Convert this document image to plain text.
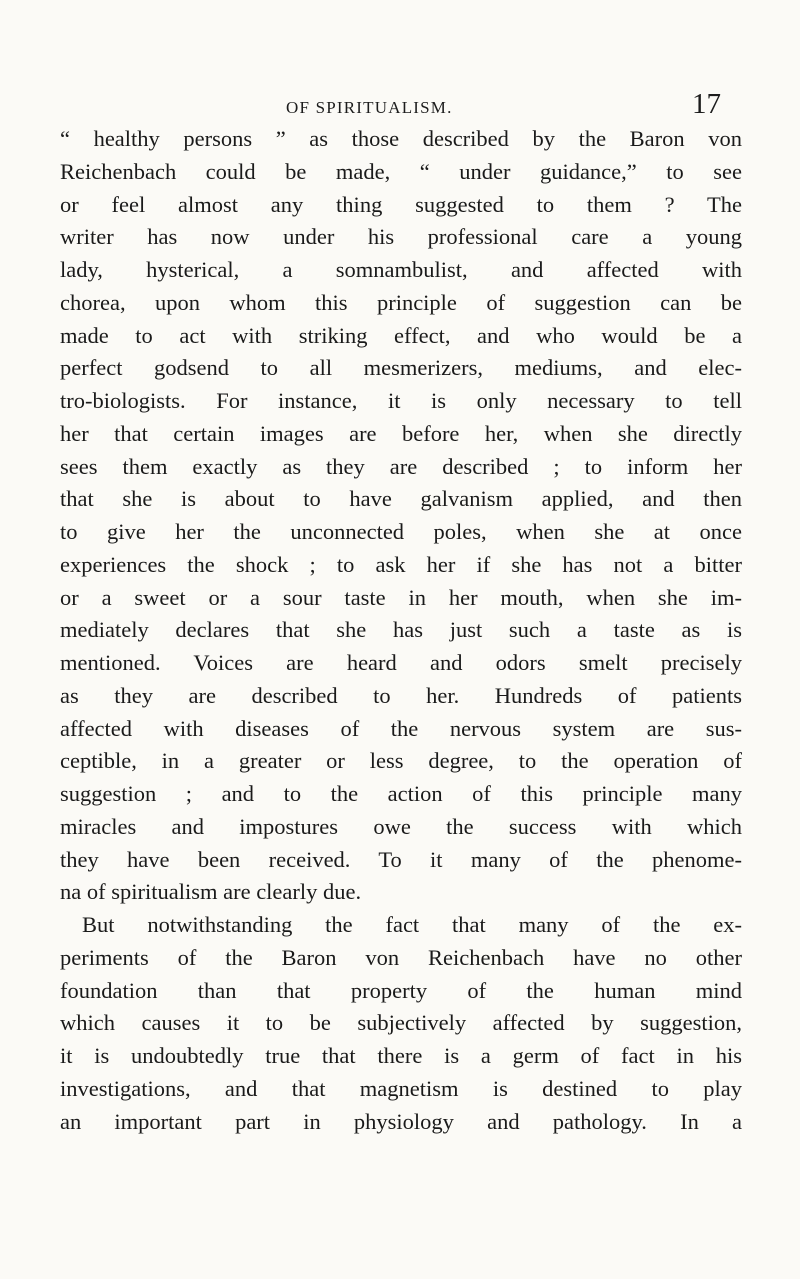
OF SPIRITUALISM.	17
“ healthy persons ” as those described by the Baron von
Reichenbach could be made, “ under guidance,” to see
or feel almost any thing suggested to them ? The
writer has now under his professional care a young
lady, hysterical, a somnambulist, and affected with
chorea, upon whom this principle of suggestion can be
made to act with striking effect, and who would be a
perfect godsend to all mesmerizers, mediums, and elec-
tro-biologists. For instance, it is only necessary to tell
her that certain images are before her, when she directly
sees them exactly as they are described ; to inform her
that she is about to have galvanism applied, and then
to give her the unconnected poles, when she at once
experiences the shock ; to ask her if she has not a bitter
or a sweet or a sour taste in her mouth, when she im-
mediately declares that she has just such a taste as is
mentioned. Voices are heard and odors smelt precisely
as they are described to her. Hundreds of patients
affected with diseases of the nervous system are sus-
ceptible, in a greater or less degree, to the operation of
suggestion ; and to the action of this principle many
miracles and impostures owe the success with which
they have been received. To it many of the phenome-
na of spiritualism are clearly due.
But notwithstanding the fact that many of the ex-
periments of the Baron von Reichenbach have no other
foundation than that property of the human mind
which causes it to be subjectively affected by suggestion,
it is undoubtedly true that there is a germ of fact in his
investigations, and that magnetism is destined to play
an important part in physiology and pathology. In a
